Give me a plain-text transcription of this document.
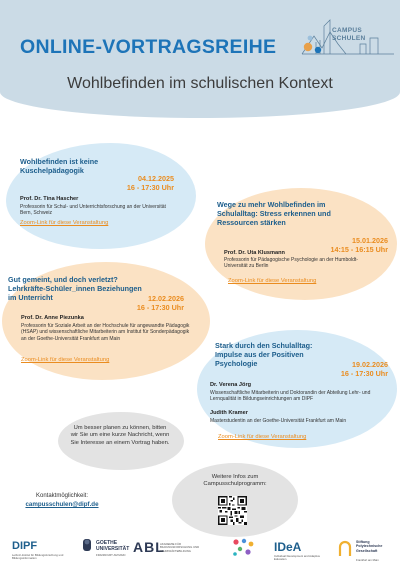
CAMPUS
SCHULEN
ONLINE-VORTRAGSREIHE
Wohlbefinden im schulischen Kontext
Wohlbefinden ist keine Kuschelpädagogik
04.12.2025
16 - 17:30 Uhr
Prof. Dr. Tina Hascher
Professorin für Schul- und Unterrichtsforschung an der Universität Bern, Schweiz
Zoom-Link für diese Veranstaltung
Wege zu mehr Wohlbefinden im Schulalltag: Stress erkennen und Ressourcen stärken
15.01.2026
14:15 - 16:15 Uhr
Prof. Dr. Uta Klusmann
Professorin für Pädagogische Psychologie an der Humboldt-Universität zu Berlin
Zoom-Link für diese Veranstaltung
Gut gemeint, und doch verletzt? Lehrkräfte-Schüler_innen Beziehungen im Unterricht	12.02.2026
16 - 17:30 Uhr
Prof. Dr. Anne Piezunka
Professorin für Soziale Arbeit an der Hochschule für angewandte Pädagogik (HSAP) und wissenschaftliche Mitarbeiterin am Institut für Sonderpädagogik an der Goethe-Universität Frankfurt am Main
Zoom-Link für diese Veranstaltung
Stark durch den Schulalltag: Impulse aus der Positiven Psychologie	19.02.2026
16 - 17:30 Uhr
Dr. Verena Jörg
Wissenschaftliche Mitarbeiterin und Doktorandin der Abteilung Lehr- und Lernqualität in Bildungseinrichtungen am DIPF
Judith Kramer
Masterstudentin an der Goethe-Universität Frankfurt am Main
Zoom-Link für diese Veranstaltung
Um besser planen zu können, bitten wir Sie um eine kurze Nachricht, wenn Sie Interesse an einem Vortrag haben.
Weitere Infos zum Campusschulprogramm:
Kontaktmöglichkeit:
campusschulen@dipf.de
DIPF
Leibniz-Institut für Bildungsforschung und Bildungsinformation
GOETHE UNIVERSITÄT
FRANKFURT AM MAIN ABL
AKADEMIE FÜR BILDUNGSFORSCHUNG UND LEHRKRÄFTEBILDUNG	IDeA
Individual Development and Adaptive Education
Stiftung Polytechnische Gesellschaft
Frankfurt am Main
